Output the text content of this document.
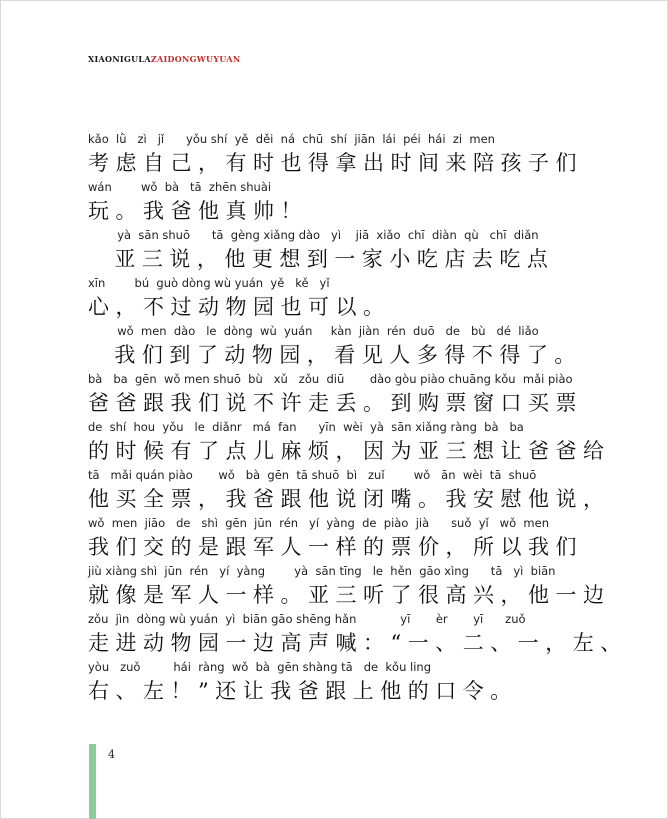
XIAONIGULAZAIDONGWUYUAN
kǎo  lǜ   zì   jǐ      yǒu shí  yě  děi  ná  chū  shí  jiān  lái  péi  hái  zi  men
考虑自己，有时也得拿出时间来陪孩子们
wán        wǒ  bà   tā  zhēn shuài
玩。我爸他真帅！
yà  sān shuō      tā  gèng xiǎng dào   yì    jiā  xiǎo  chī  diàn  qù   chī  diǎn
亚三说，他更想到一家小吃店去吃点
xīn        bú  guò dòng wù yuán  yě   kě   yǐ
心，不过动物园也可以。
wǒ  men  dào   le  dòng  wù  yuán     kàn  jiàn  rén  duō   de   bù   dé  liǎo
我们到了动物园，看见人多得不得了。
bà   ba  gēn  wǒ men shuō  bù   xǔ   zǒu  diū       dào gòu piào chuāng kǒu  mǎi piào
爸爸跟我们说不许走丢。到购票窗口买票
de  shí  hou  yǒu   le  diǎnr   má  fan      yīn  wèi  yà  sān xiǎng ràng  bà   ba
的时候有了点儿麻烦，因为亚三想让爸爸给
tā   mǎi quán piào       wǒ   bà  gēn  tā shuō  bì   zuǐ        wǒ   ān  wèi  tā  shuō
他买全票，我爸跟他说闭嘴。我安慰他说，
wǒ  men  jiāo   de   shì  gēn  jūn  rén   yí  yàng  de  piào  jià      suǒ  yǐ   wǒ  men
我们交的是跟军人一样的票价，所以我们
jiù xiàng shì  jūn  rén   yí  yàng        yà  sān tīng   le  hěn  gāo xìng      tā   yì  biān
就像是军人一样。亚三听了很高兴，他一边
zǒu  jìn  dòng wù yuán  yì  biān gāo shēng hǎn            yī       èr       yī      zuǒ
走进动物园一边高声喊：“一、二、一，左、
yòu   zuǒ         hái  ràng  wǒ  bà  gēn shàng tā   de  kǒu ling
右、左！”还让我爸跟上他的口令。
4
